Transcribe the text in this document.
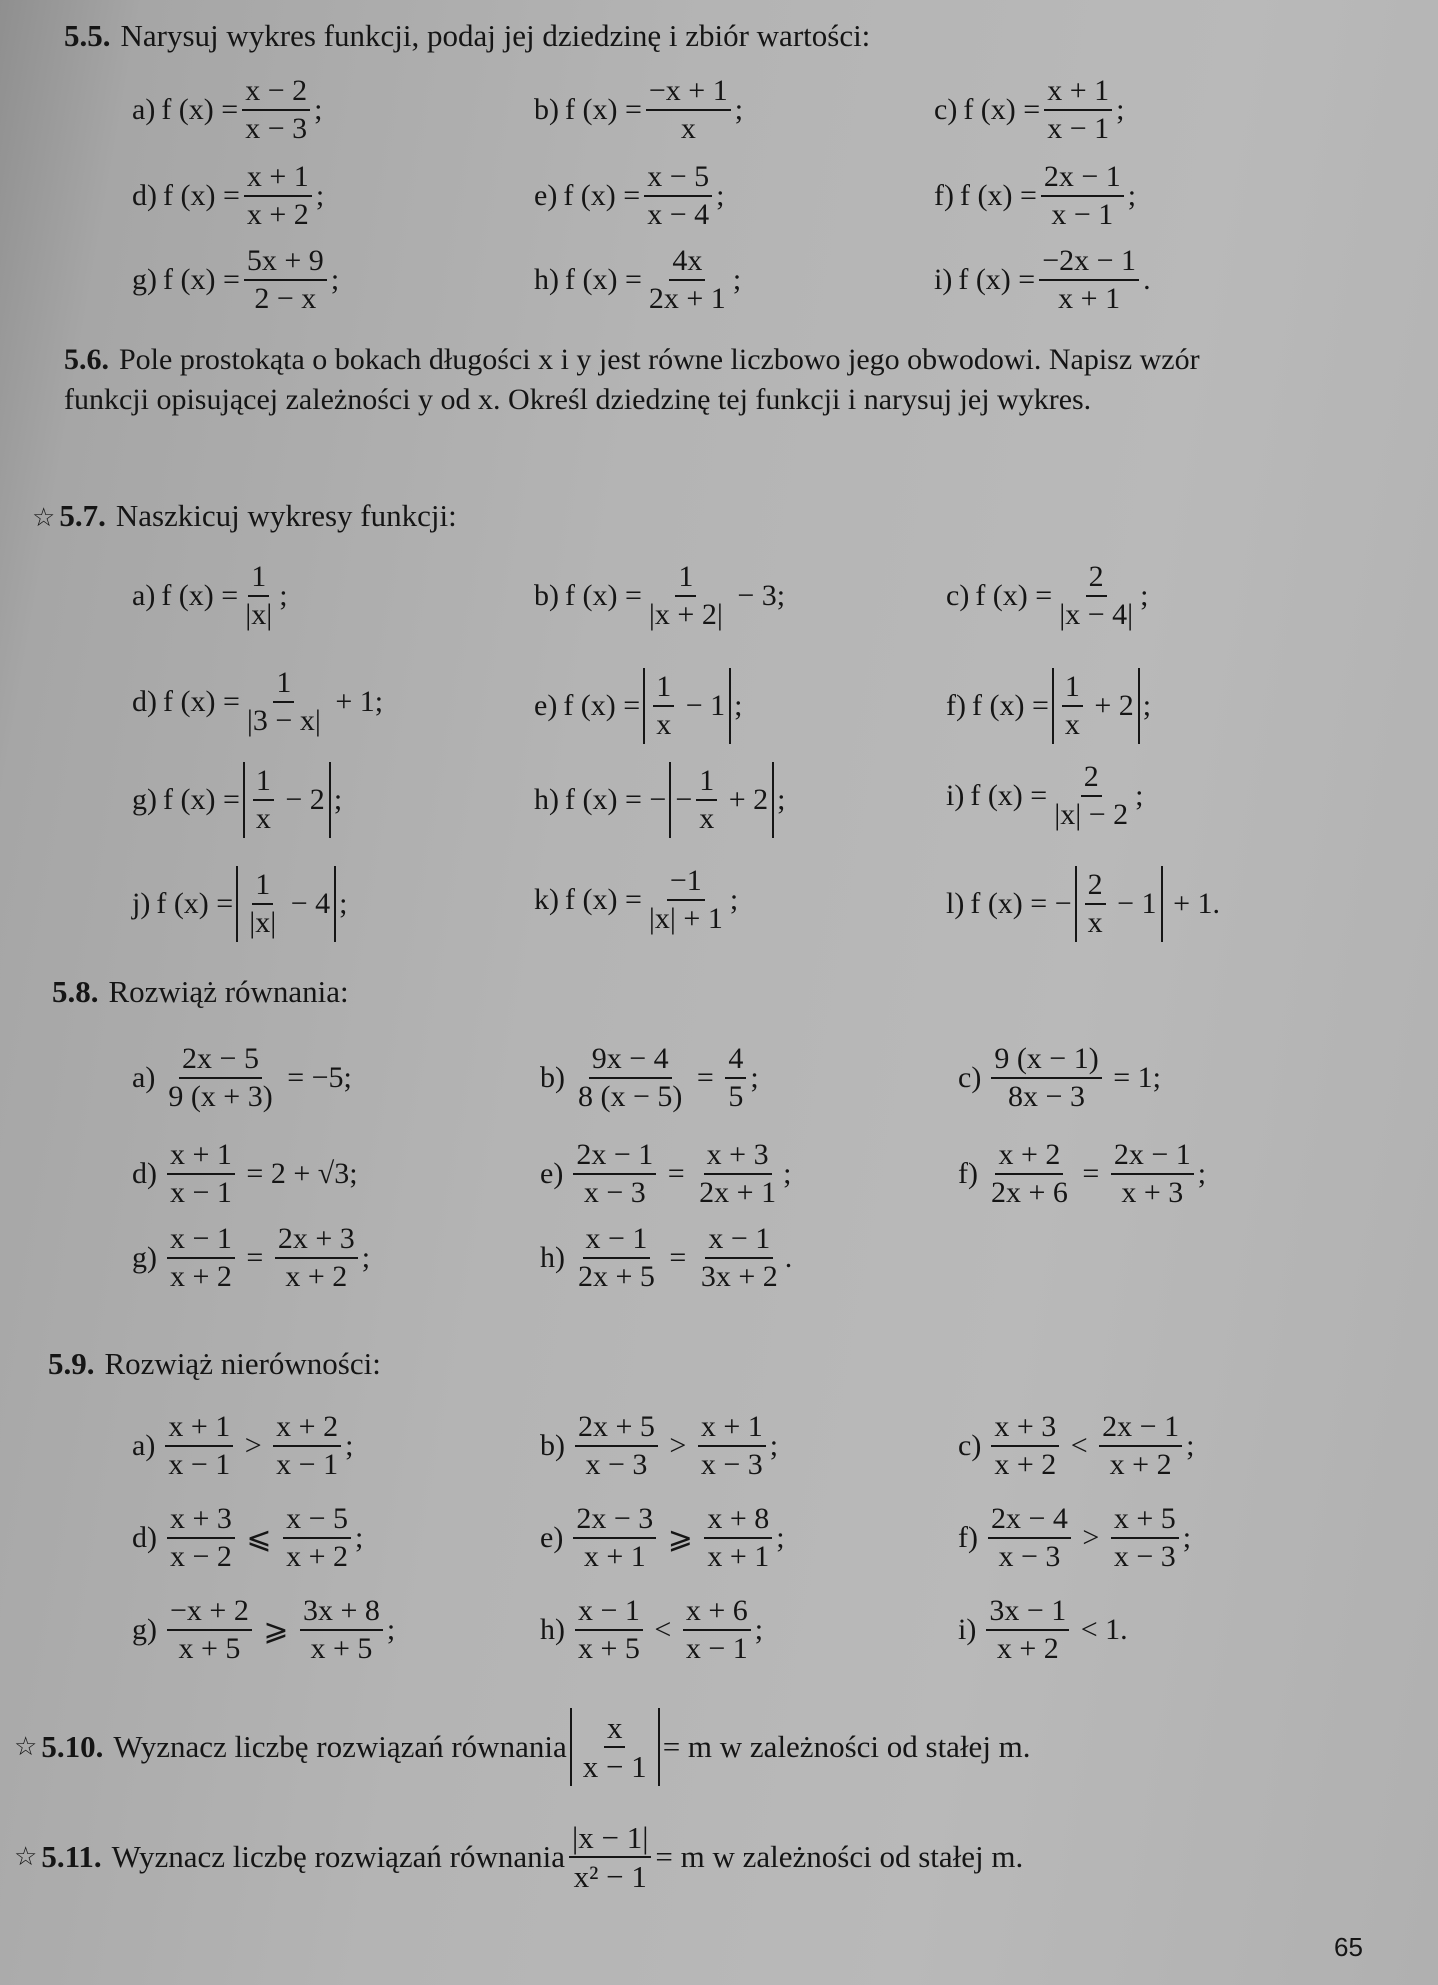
5.5. Narysuj wykres funkcji, podaj jej dziedzinę i zbiór wartości:
a) f $(x) = \frac{x - 2}{x - 3}$ ;	b) f $(x) = \frac{-x + 1}{x}$ ;	c) f $(x) = \frac{x + 1}{x - 1}$ ;
d) f $(x) = \frac{x + 1}{x + 2}$ ;	e) f $(x) = \frac{x - 5}{x - 4}$ ;	f) f $(x) = \frac{2x - 1}{x - 1}$ ;
g) f $(x) = \frac{5x + 9}{2 - x}$ ;	h) f $(x) = \frac{4x}{2x + 1}$ ;	i) f $(x) = \frac{-2x - 1}{x + 1}$ .
5.6. Pole prostokąta o bokach długości x i y jest równe liczbowo jego obwodowi. Napisz wzór funkcji opisującej zależności y od x. Określ dziedzinę tej funkcji i narysuj jej wykres.
☆ 5.7. Naszkicuj wykresy funkcji:
a) f $(x) = \frac{1}{|x|}$ ;	b) f $(x) = \frac{1}{|x + 2|} - 3$;	c) f $(x) = \frac{2}{|x - 4|}$ ;
d) f $(x) = \frac{1}{|3 - x|} + 1$;	e) f $(x) = \frac{1}{x} - 1$ ;	f) f $(x) = \frac{1}{x} + 2$ ;
g) f $(x) = \frac{1}{x} - 2$ ;	h) f (x) = − − $\frac{1}{x} + 2$ ;	i) f $(x) = \frac{2}{|x| - 2}$ ;
j) f $(x) = \frac{1}{|x|} - 4$ ;	k) f $(x) = \frac{-1}{|x| + 1}$ ;	l) f (x) = − $\frac{2}{x} - 1 + 1$.
5.8. Rozwiąż równania:
$a) \frac{2x - 5}{9 (x + 3)} = -5$;	$b) \frac{9x - 4}{8 (x - 5)} = \frac{4}{5}$ ;	$c) \frac{9 (x - 1)}{8x - 3} = 1$;
$d) \frac{x + 1}{x - 1} = 2 + √3$;	$e) \frac{2x - 1}{x - 3} = \frac{x + 3}{2x + 1}$ ;	$f) \frac{x + 2}{2x + 6} = \frac{2x - 1}{x + 3}$ ;
$g) \frac{x - 1}{x + 2} = \frac{2x + 3}{x + 2}$ ;	$h) \frac{x - 1}{2x + 5} = \frac{x - 1}{3x + 2}$ .
5.9. Rozwiąż nierówności:
$a) \frac{x + 1}{x - 1} > \frac{x + 2}{x - 1}$ ;	$b) \frac{2x + 5}{x - 3} > \frac{x + 1}{x - 3}$ ;	$c) \frac{x + 3}{x + 2} < \frac{2x - 1}{x + 2}$ ;
$d) \frac{x + 3}{x - 2}$ ⩽ $\frac{x - 5}{x + 2}$ ;	$e) \frac{2x - 3}{x + 1}$ ⩾ $\frac{x + 8}{x + 1}$ ;	$f) \frac{2x - 4}{x - 3} > \frac{x + 5}{x - 3}$ ;
$g) \frac{-x + 2}{x + 5}$ ⩾ $\frac{3x + 8}{x + 5}$ ;	$h) \frac{x - 1}{x + 5} < \frac{x + 6}{x - 1}$ ;	$i) \frac{3x - 1}{x + 2} < 1$.
☆ 5.10. Wyznacz liczbę rozwiązań równania $\frac{x}{x - 1} = m$ w zależności od stałej m.
☆ 5.11. Wyznacz liczbę rozwiązań równania $\frac{|x - 1|}{\text{x² − 1}} = m$ w zależności od stałej m.
65
